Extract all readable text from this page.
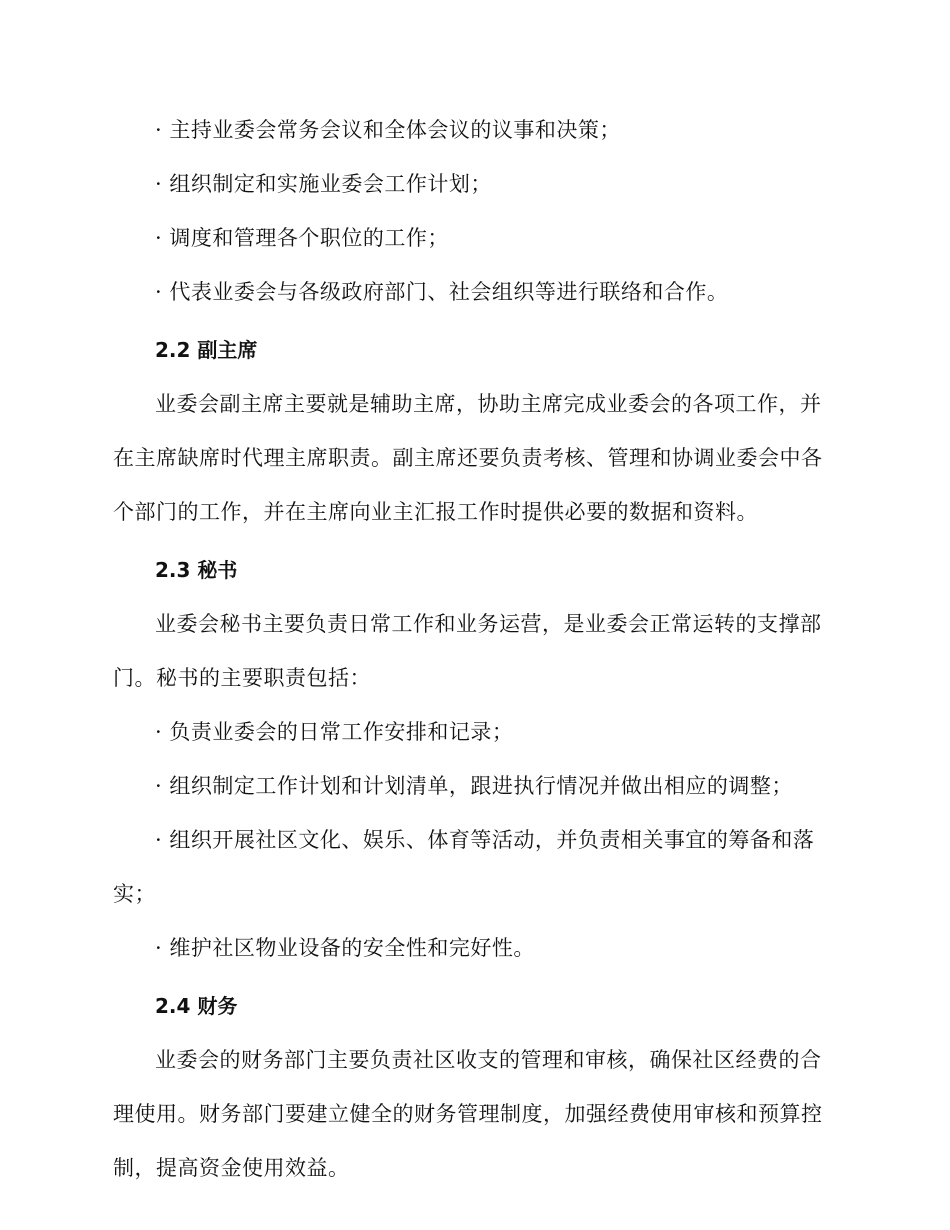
· 主持业委会常务会议和全体会议的议事和决策；
· 组织制定和实施业委会工作计划；
· 调度和管理各个职位的工作；
· 代表业委会与各级政府部门、社会组织等进行联络和合作。
2.2 副主席
业委会副主席主要就是辅助主席，协助主席完成业委会的各项工作，并
在主席缺席时代理主席职责。副主席还要负责考核、管理和协调业委会中各
个部门的工作，并在主席向业主汇报工作时提供必要的数据和资料。
2.3 秘书
业委会秘书主要负责日常工作和业务运营，是业委会正常运转的支撑部
门。秘书的主要职责包括：
· 负责业委会的日常工作安排和记录；
· 组织制定工作计划和计划清单，跟进执行情况并做出相应的调整；
· 组织开展社区文化、娱乐、体育等活动，并负责相关事宜的筹备和落
实；
· 维护社区物业设备的安全性和完好性。
2.4 财务
业委会的财务部门主要负责社区收支的管理和审核，确保社区经费的合
理使用。财务部门要建立健全的财务管理制度，加强经费使用审核和预算控
制，提高资金使用效益。
